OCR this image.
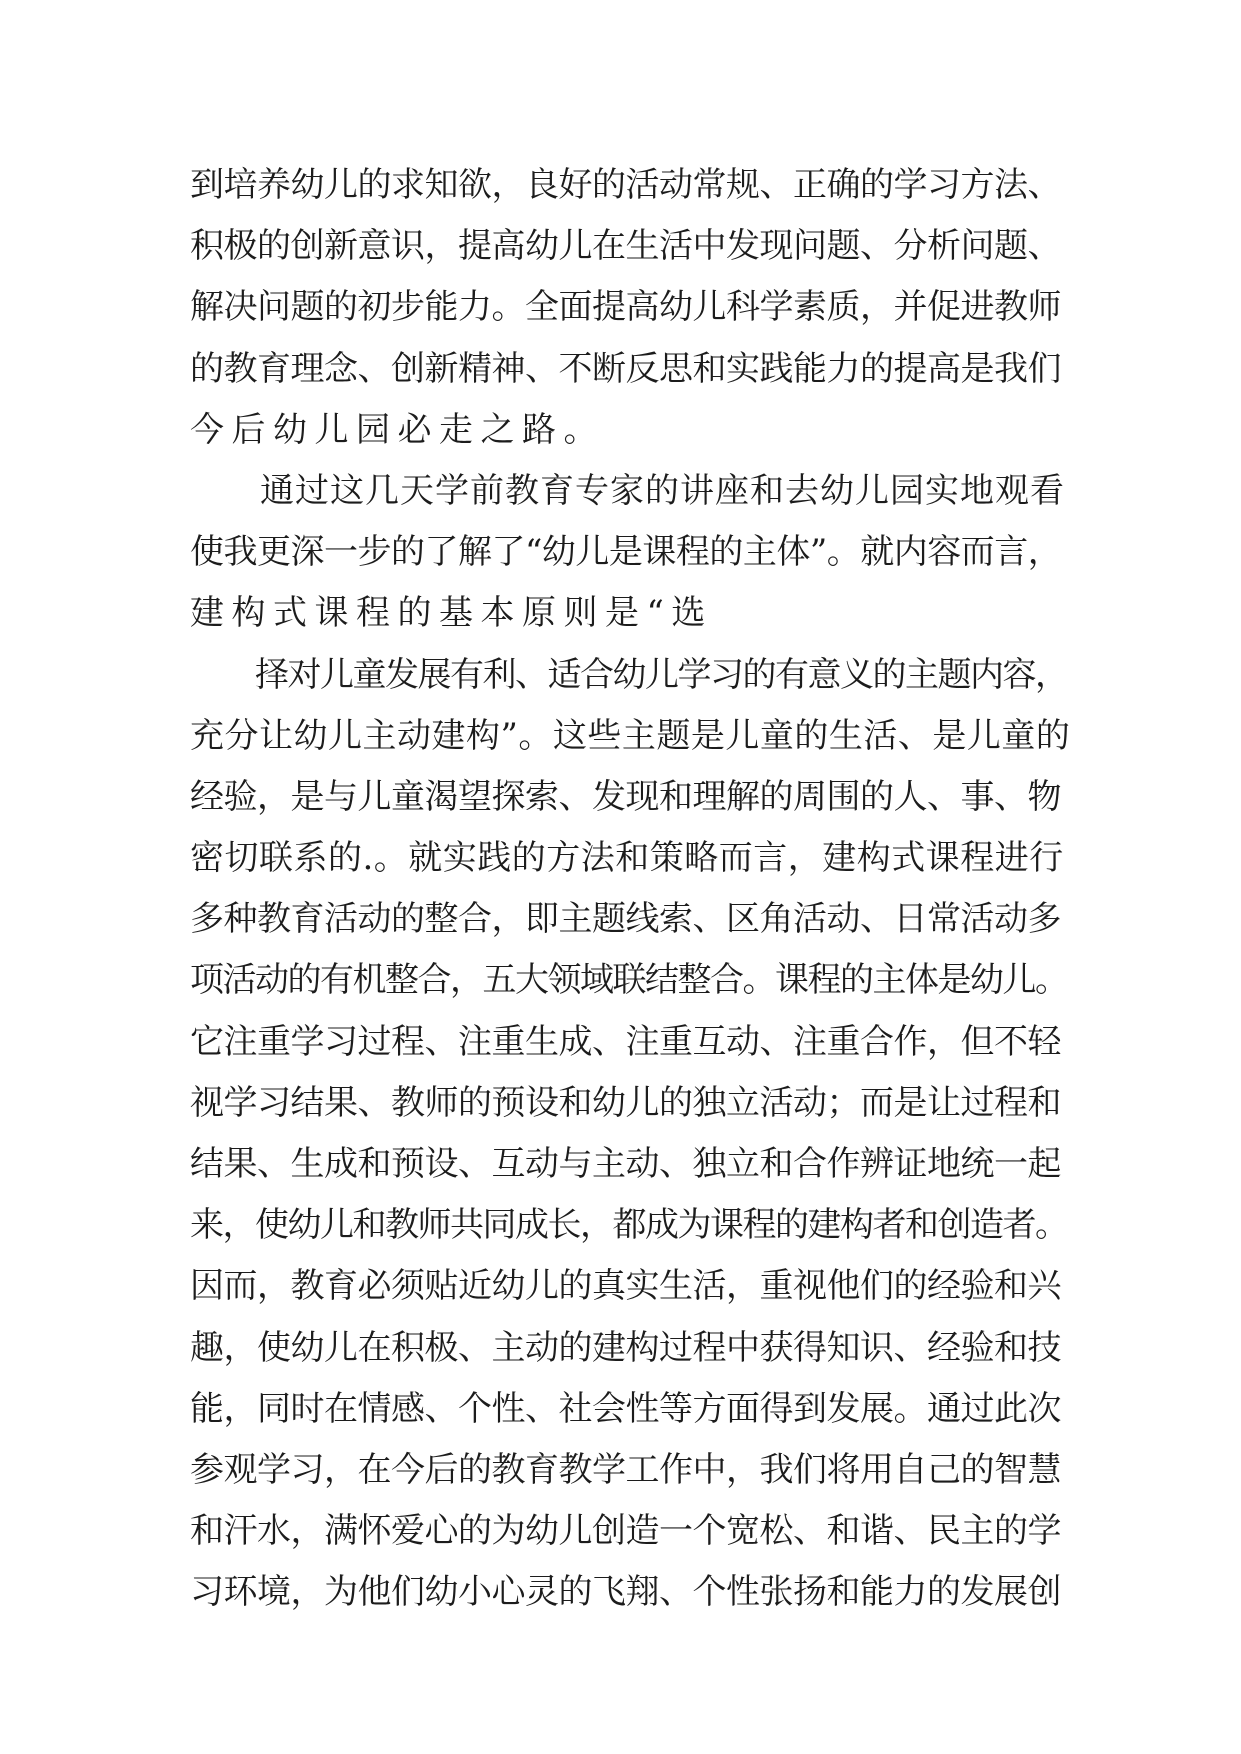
到培养幼儿的求知欲，良好的活动常规、正确的学习方法、
积极的创新意识，提高幼儿在生活中发现问题、分析问题、
解决问题的初步能力。全面提高幼儿科学素质，并促进教师
的教育理念、创新精神、不断反思和实践能力的提高是我们
今后幼儿园必走之路。
　　通过这几天学前教育专家的讲座和去幼儿园实地观看
使我更深一步的了解了“幼儿是课程的主体”。就内容而言，
建构式课程的基本原则是“选
　　择对儿童发展有利、适合幼儿学习的有意义的主题内容，
充分让幼儿主动建构”。这些主题是儿童的生活、是儿童的
经验，是与儿童渴望探索、发现和理解的周围的人、事、物
密切联系的.。就实践的方法和策略而言，建构式课程进行
多种教育活动的整合，即主题线索、区角活动、日常活动多
项活动的有机整合，五大领域联结整合。课程的主体是幼儿。
它注重学习过程、注重生成、注重互动、注重合作，但不轻
视学习结果、教师的预设和幼儿的独立活动；而是让过程和
结果、生成和预设、互动与主动、独立和合作辨证地统一起
来，使幼儿和教师共同成长，都成为课程的建构者和创造者。
因而，教育必须贴近幼儿的真实生活，重视他们的经验和兴
趣，使幼儿在积极、主动的建构过程中获得知识、经验和技
能，同时在情感、个性、社会性等方面得到发展。通过此次
参观学习，在今后的教育教学工作中，我们将用自己的智慧
和汗水，满怀爱心的为幼儿创造一个宽松、和谐、民主的学
习环境，为他们幼小心灵的飞翔、个性张扬和能力的发展创
